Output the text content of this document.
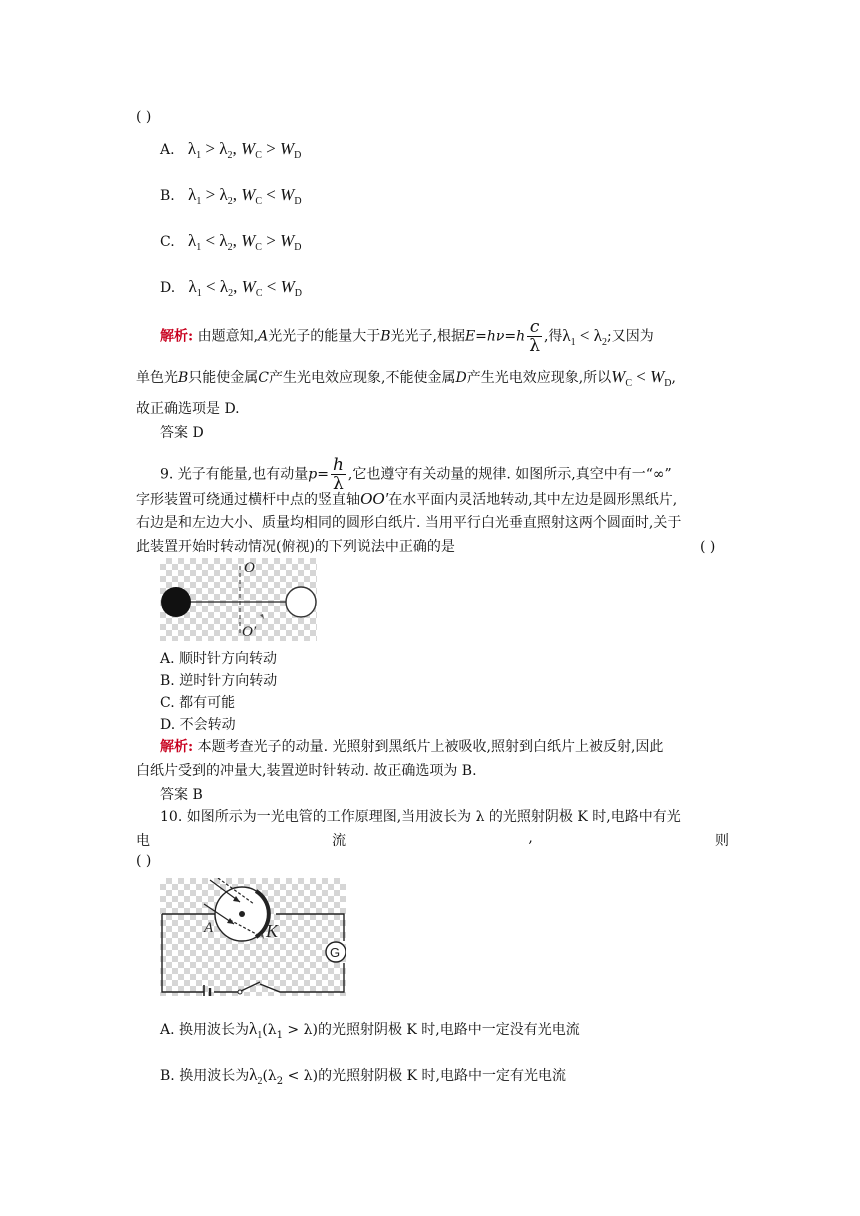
( )
A. $\lambda_1 > \lambda_2$, $W_C > W_D$
B. $\lambda_1 > \lambda_2$, $W_C < W_D$
C. $\lambda_1 < \lambda_2$, $W_C > W_D$
D. $\lambda_1 < \lambda_2$, $W_C < W_D$
解析: 由题意知,A光光子的能量大于B光光子,根据$E=h\nu=h \frac{c}{\lambda}$ ,得$\lambda_1 < \lambda_2$;又因为
单色光B只能使金属C产生光电效应现象,不能使金属D产生光电效应现象,所以$W_C < W_D$,
故正确选项是 D.
答案 D
9. 光子有能量,也有动量$p= \frac{h}{\lambda}$ ,它也遵守有关动量的规律. 如图所示,真空中有一“∞”
字形装置可绕通过横杆中点的竖直轴OO′在水平面内灵活地转动,其中左边是圆形黑纸片,
右边是和左边大小、质量均相同的圆形白纸片. 当用平行白光垂直照射这两个圆面时,关于
此装置开始时转动情况(俯视)的下列说法中正确的是	( )
O
O′
A. 顺时针方向转动
B. 逆时针方向转动
C. 都有可能
D. 不会转动
解析: 本题考查光子的动量. 光照射到黑纸片上被吸收,照射到白纸片上被反射,因此
白纸片受到的冲量大,装置逆时针转动. 故正确选项为 B.
答案 B
10. 如图所示为一光电管的工作原理图,当用波长为 λ 的光照射阴极 K 时,电路中有光
电	流	,	则
( )
G
A	K
A. 换用波长为$\lambda_1(\lambda_1 > \lambda)$的光照射阴极 K 时,电路中一定没有光电流
B. 换用波长为$\lambda_2(\lambda_2 < \lambda)$的光照射阴极 K 时,电路中一定有光电流
